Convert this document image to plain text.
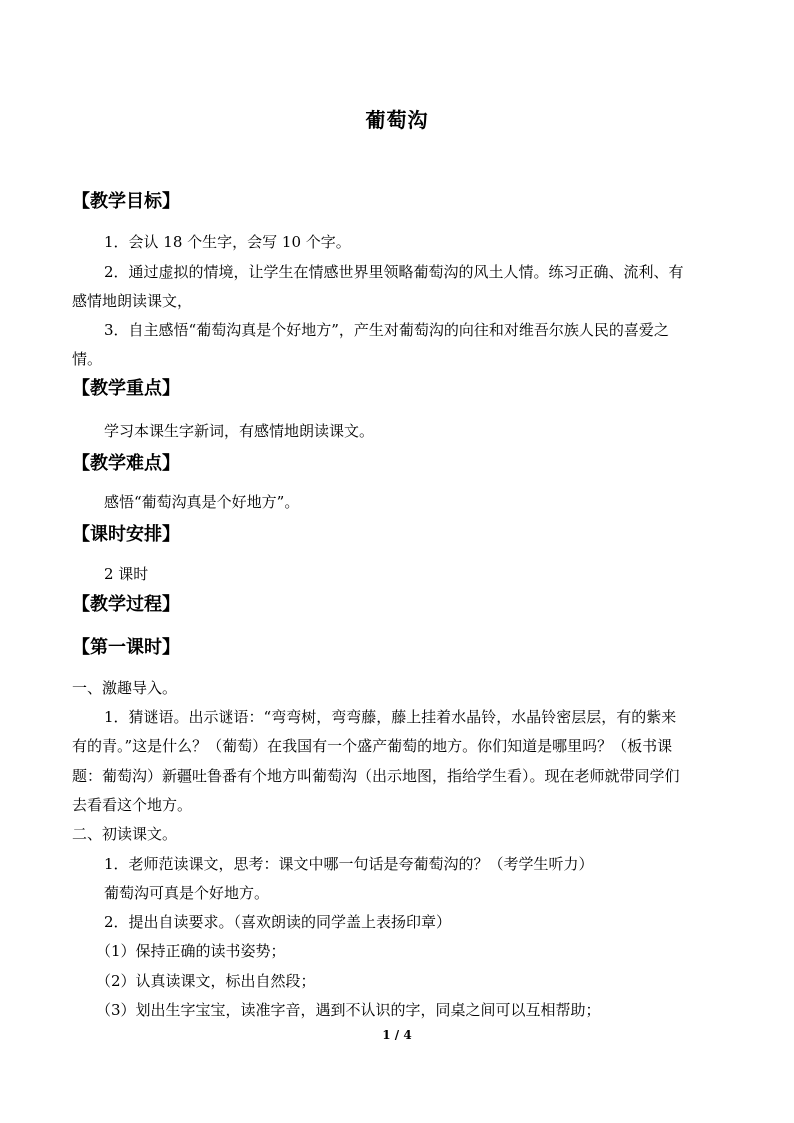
葡萄沟
【教学目标】
1．会认 18 个生字，会写 10 个字。
2．通过虚拟的情境，让学生在情感世界里领略葡萄沟的风土人情。练习正确、流利、有
感情地朗读课文，
3．自主感悟“葡萄沟真是个好地方”，产生对葡萄沟的向往和对维吾尔族人民的喜爱之
情。
【教学重点】
学习本课生字新词，有感情地朗读课文。
【教学难点】
感悟“葡萄沟真是个好地方”。
【课时安排】
2 课时
【教学过程】
【第一课时】
一、激趣导入。
1．猜谜语。出示谜语：“弯弯树，弯弯藤，藤上挂着水晶铃，水晶铃密层层，有的紫来
有的青。”这是什么？（葡萄）在我国有一个盛产葡萄的地方。你们知道是哪里吗？（板书课
题：葡萄沟）新疆吐鲁番有个地方叫葡萄沟（出示地图，指给学生看）。现在老师就带同学们
去看看这个地方。
二、初读课文。
1．老师范读课文，思考：课文中哪一句话是夸葡萄沟的？（考学生听力）
葡萄沟可真是个好地方。
2．提出自读要求。（喜欢朗读的同学盖上表扬印章）
（1）保持正确的读书姿势；
（2）认真读课文，标出自然段；
（3）划出生字宝宝，读准字音，遇到不认识的字，同桌之间可以互相帮助；
1 / 4
